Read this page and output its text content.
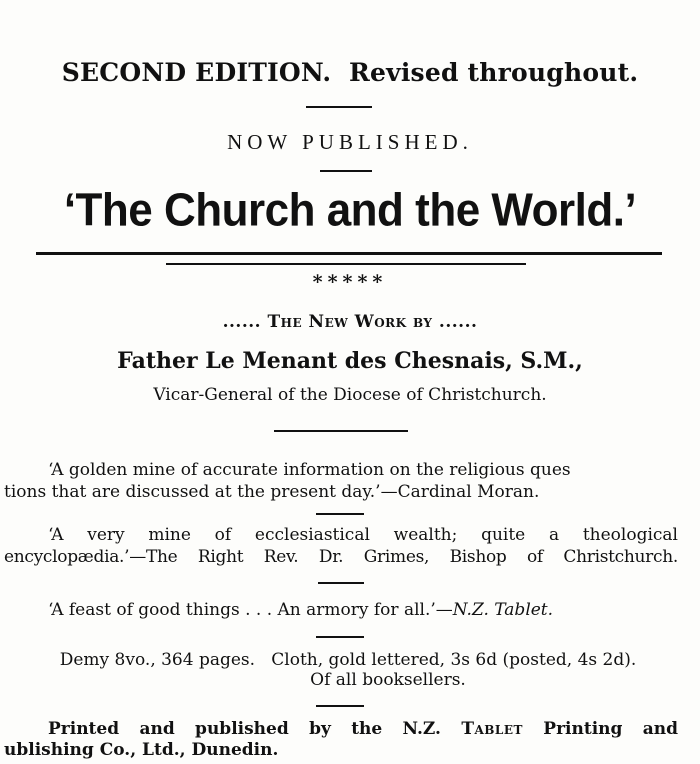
SECOND EDITION.  Revised throughout.
NOW PUBLISHED.
‘The Church and the World.’
*****
...... The New Work by ......
Father Le Menant des Chesnais, S.M.,
Vicar-General of the Diocese of Christchurch.
‘A golden mine of accurate information on the religious ques
tions that are discussed at the present day.’—Cardinal Moran.
‘A very mine of ecclesiastical wealth; quite a theological
encyclopædia.’—The Right Rev. Dr. Grimes, Bishop of Christchurch.
‘A feast of good things . . . An armory for all.’—N.Z. Tablet.
Demy 8vo., 364 pages.   Cloth, gold lettered, 3s 6d (posted, 4s 2d).
Of all booksellers.
Printed and published by the N.Z. Tablet Printing and
ublishing Co., Ltd., Dunedin.
